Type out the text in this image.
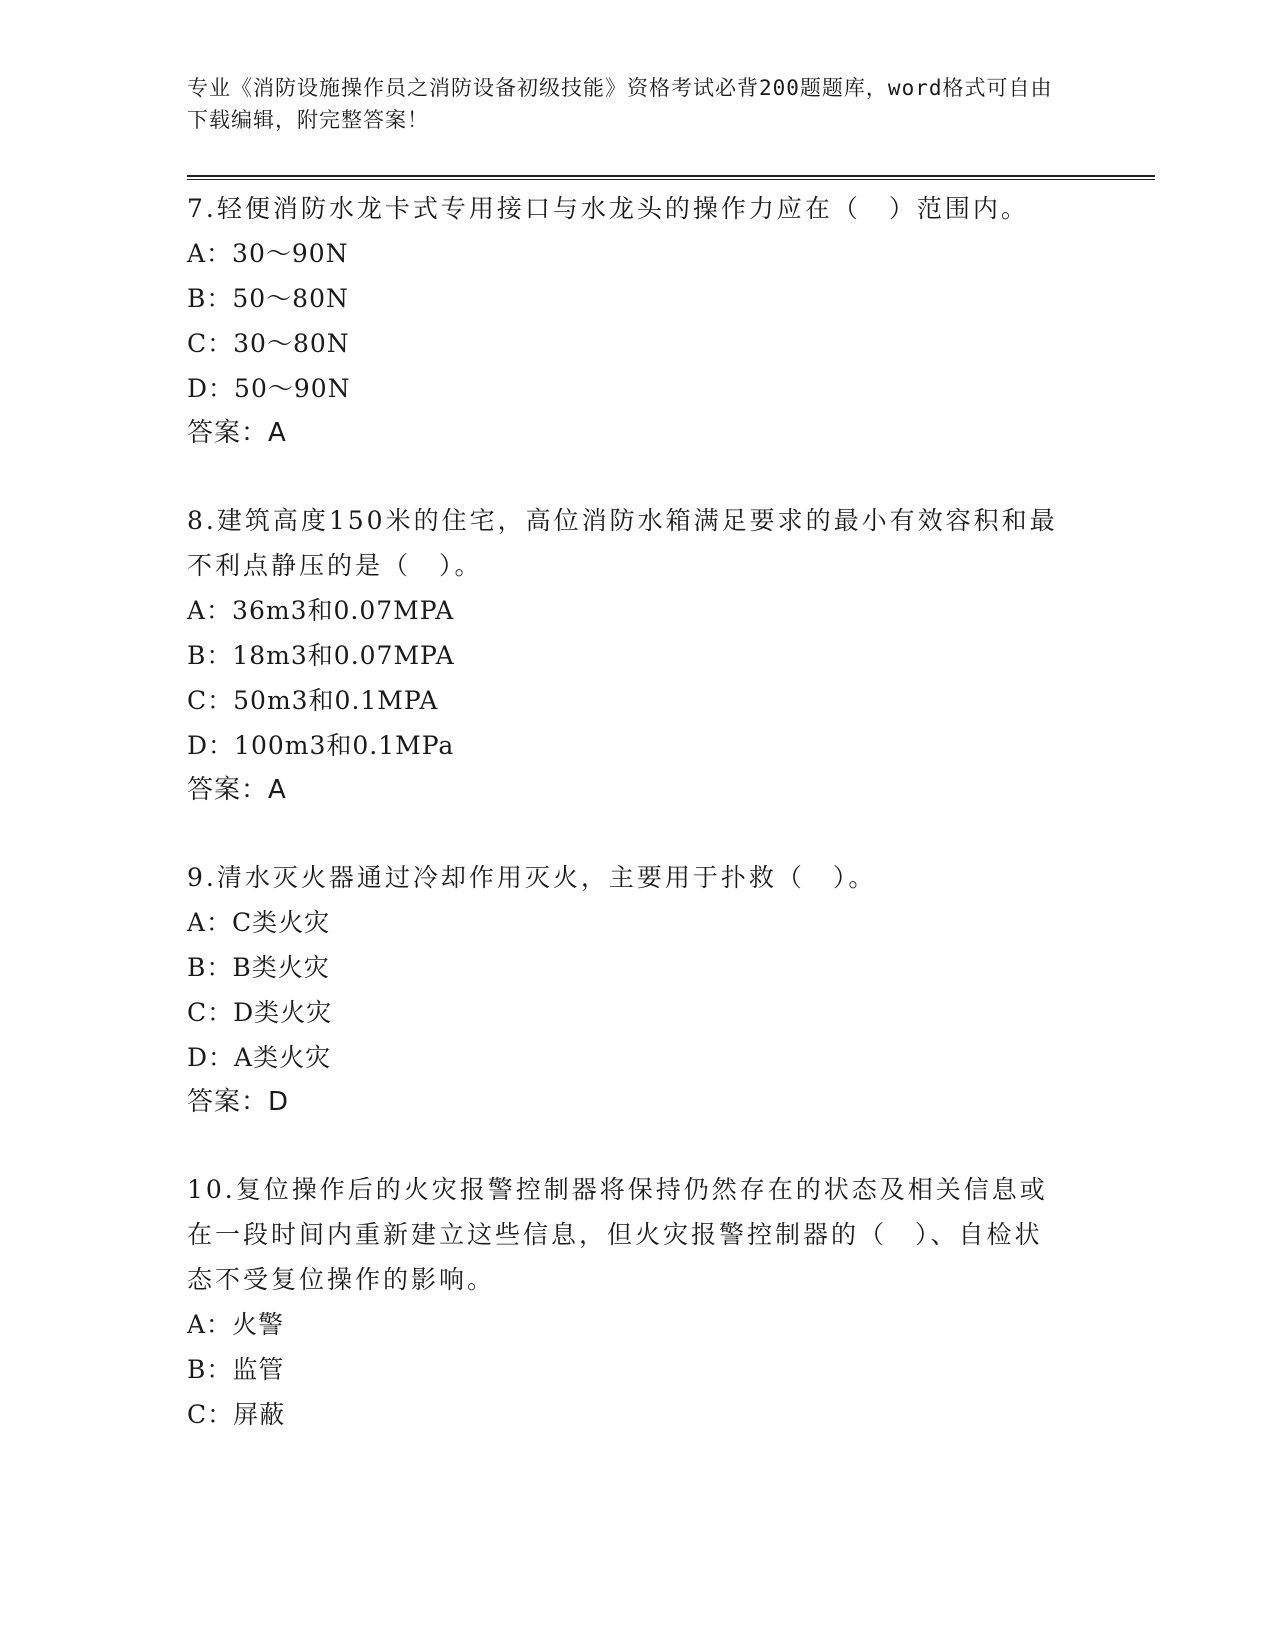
专业《消防设施操作员之消防设备初级技能》资格考试必背200题题库，word格式可自由下载编辑，附完整答案！

7.轻便消防水龙卡式专用接口与水龙头的操作力应在（　）范围内。

A：30～90N

B：50～80N

C：30～80N

D：50～90N

答案：A

8.建筑高度150米的住宅，高位消防水箱满足要求的最小有效容积和最不利点静压的是（　）。

A：36m3和0.07MPA

B：18m3和0.07MPA

C：50m3和0.1MPA

D：100m3和0.1MPa

答案：A

9.清水灭火器通过冷却作用灭火，主要用于扑救（　）。

A：C类火灾

B：B类火灾

C：D类火灾

D：A类火灾

答案：D

10.复位操作后的火灾报警控制器将保持仍然存在的状态及相关信息或在一段时间内重新建立这些信息，但火灾报警控制器的（　）、自检状态不受复位操作的影响。

A：火警

B：监管

C：屏蔽
